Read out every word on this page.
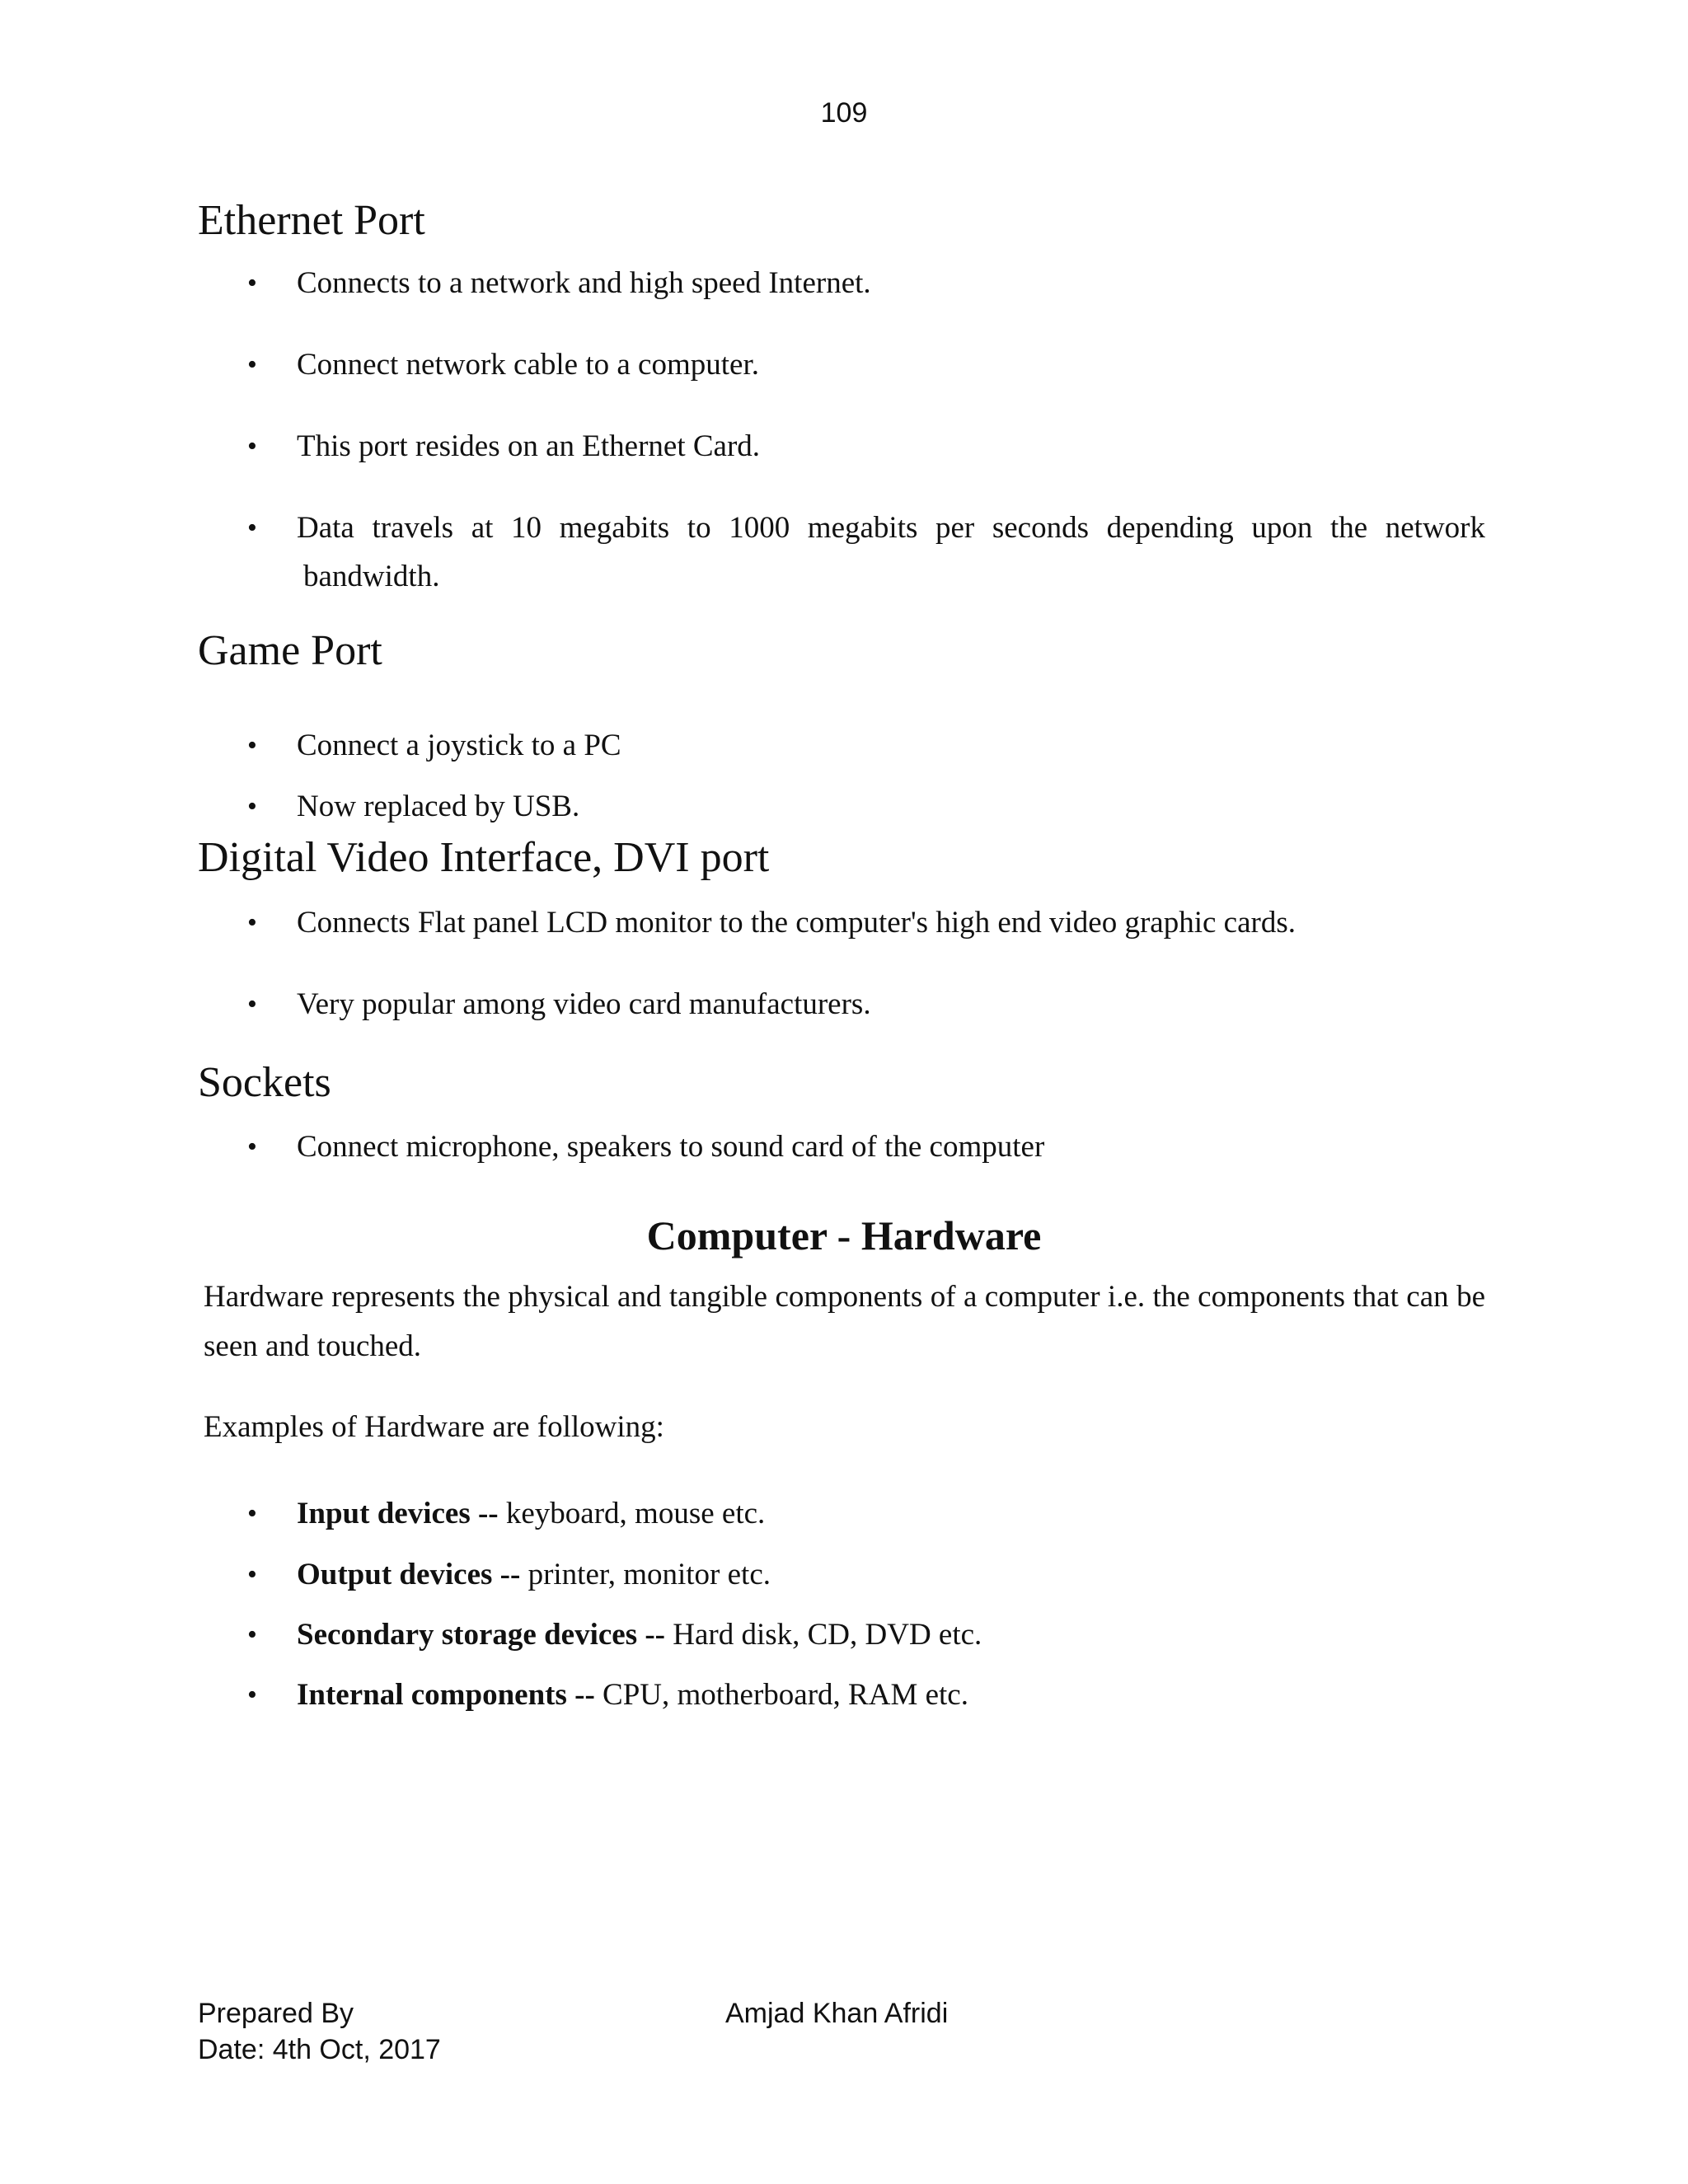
109
Ethernet Port
• Connects to a network and high speed Internet.
• Connect network cable to a computer.
• This port resides on an Ethernet Card.
• Data travels at 10 megabits to 1000 megabits per seconds depending upon the network
bandwidth.
Game Port
• Connect a joystick to a PC
• Now replaced by USB.
Digital Video Interface, DVI port
• Connects Flat panel LCD monitor to the computer's high end video graphic cards.
• Very popular among video card manufacturers.
Sockets
• Connect microphone, speakers to sound card of the computer
Computer - Hardware
Hardware represents the physical and tangible components of a computer i.e. the components that can be seen and touched.
Examples of Hardware are following:
• Input devices -- keyboard, mouse etc.
• Output devices -- printer, monitor etc.
• Secondary storage devices -- Hard disk, CD, DVD etc.
• Internal components -- CPU, motherboard, RAM etc.
Prepared By
Date: 4th Oct, 2017
Amjad Khan Afridi
